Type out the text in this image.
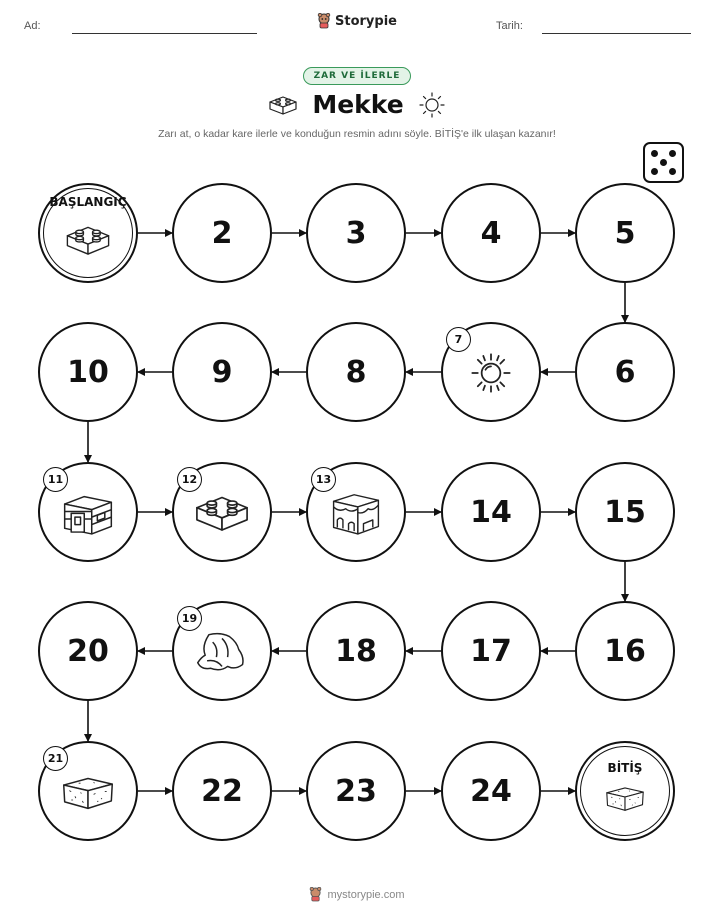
Ad:	Storypie	Tarih:
ZAR VE İLERLE
Mekke
Zarı at, o kadar kare ilerle ve konduğun resmin adını söyle. BİTİŞ'e ilk ulaşan kazanır!
BAŞLANGIÇ
2	3	4	5
6
7
8
9
10
11	12	13
14	15
16
17
18
19
20
21
22	23	24
BİTİŞ
mystorypie.com
